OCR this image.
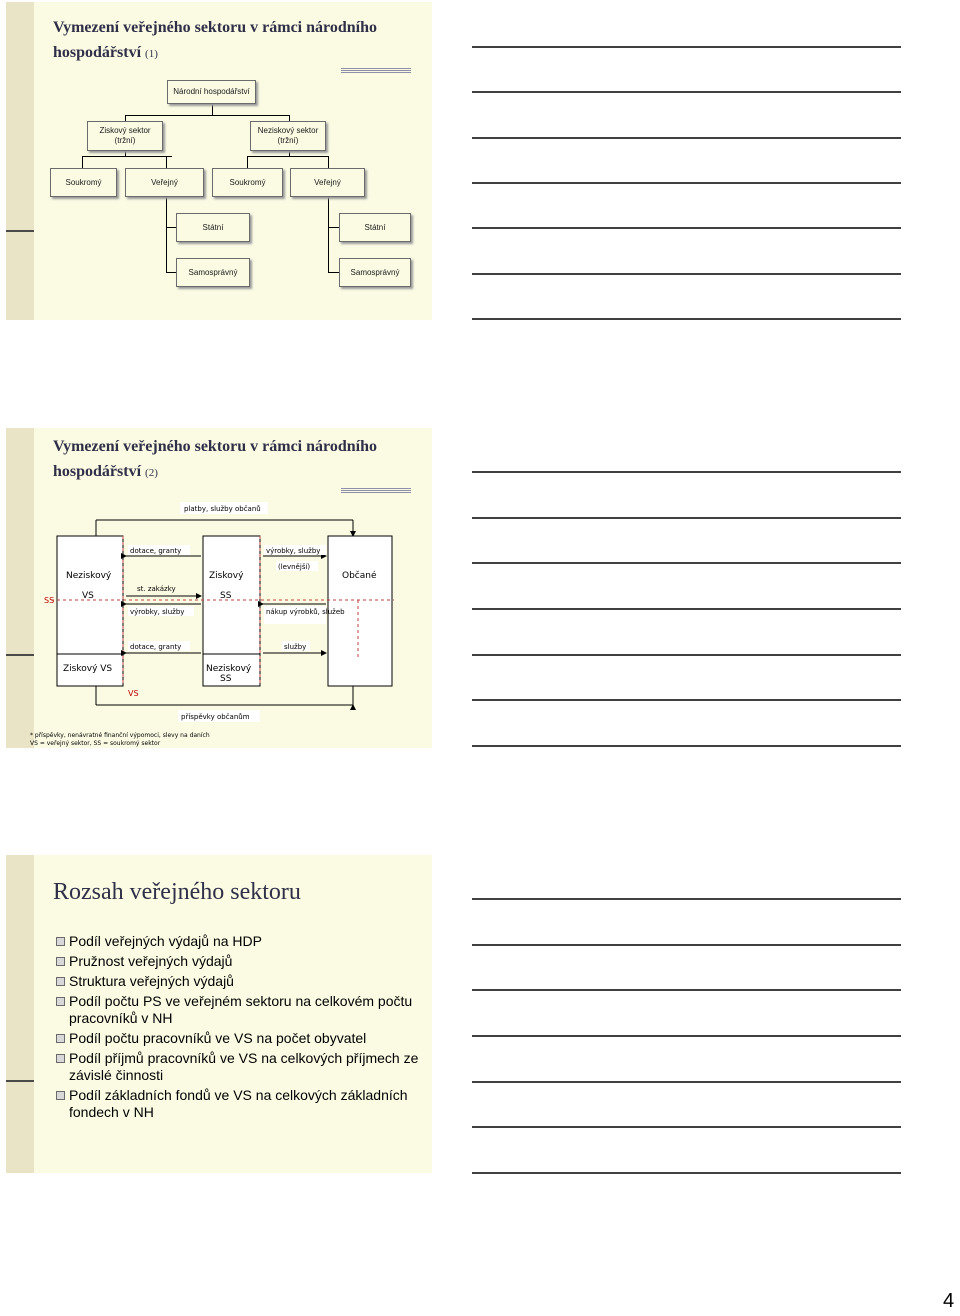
Vymezení veřejného sektoru v rámci národního
hospodářství (1)
Národní hospodářství
Ziskový sektor
(tržní)
Neziskový sektor
(tržní)
Soukromý	Veřejný	Soukromý	Veřejný
Státní	Státní
Samosprávný	Samosprávný
Vymezení veřejného sektoru v rámci národního
hospodářství (2)
platby, služby občanů
Neziskový
VS
Ziskový
SS
Občané
Ziskový VS	Neziskový
SS
SS
VS
dotace, granty
st. zakázky
výrobky, služby
dotace, granty
výrobky, služby
(levnější)
nákup výrobků, služeb
služby
příspěvky občanům
* příspěvky, nenávratné finanční výpomoci, slevy na daních
VS = veřejný sektor, SS = soukromý sektor
Rozsah veřejného sektoru
Podíl veřejných výdajů na HDP
Pružnost veřejných výdajů
Struktura veřejných výdajů
Podíl počtu PS ve veřejném sektoru na celkovém počtu pracovníků v NH
Podíl počtu pracovníků ve VS na počet obyvatel
Podíl příjmů pracovníků ve VS na celkových příjmech ze závislé činnosti
Podíl základních fondů ve VS na celkových základních fondech v NH
4
